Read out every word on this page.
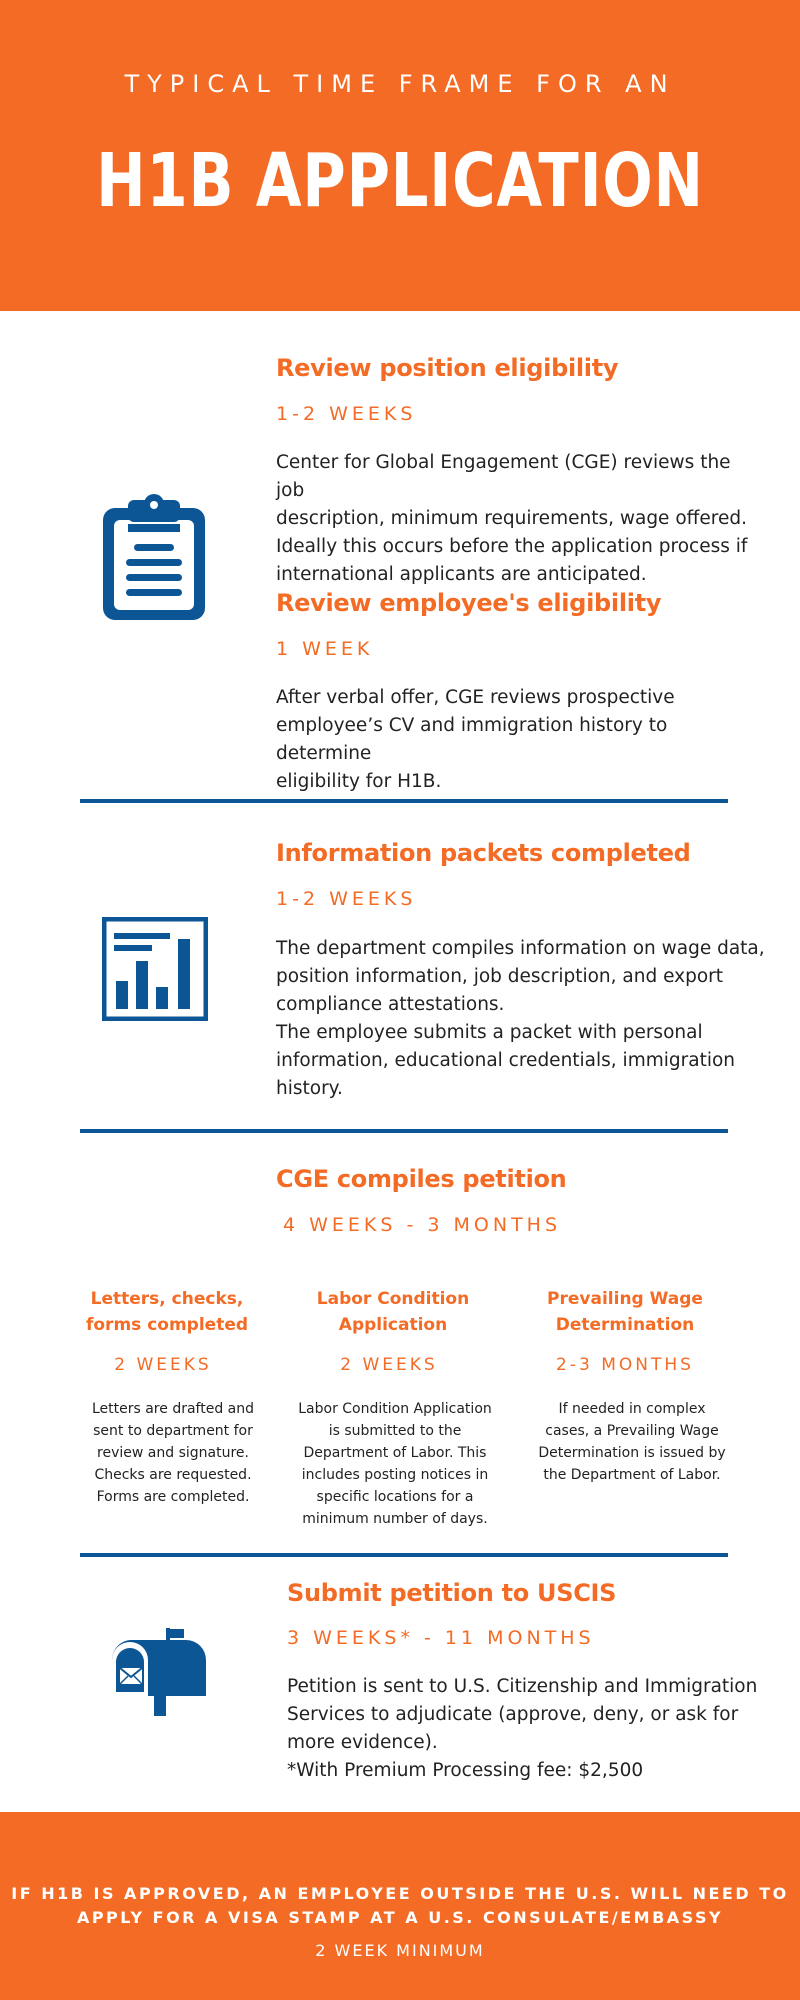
TYPICAL TIME FRAME FOR AN
H1B APPLICATION
Review position eligibility
1-2 WEEKS
Center for Global Engagement (CGE) reviews the job
description, minimum requirements, wage offered.
Ideally this occurs before the application process if
international applicants are anticipated.
Review employee's eligibility
1 WEEK
After verbal offer, CGE reviews prospective
employee’s CV and immigration history to determine
eligibility for H1B.
Information packets completed
1-2 WEEKS
The department compiles information on wage data,
position information, job description, and export
compliance attestations.
The employee submits a packet with personal
information, educational credentials, immigration
history.
CGE compiles petition
4 WEEKS - 3 MONTHS
Letters, checks,
forms completed
2 WEEKS
Letters are drafted and
sent to department for
review and signature.
Checks are requested.
Forms are completed.
Labor Condition
Application
2 WEEKS
Labor Condition Application
is submitted to the
Department of Labor. This
includes posting notices in
specific locations for a
minimum number of days.
Prevailing Wage
Determination
2-3 MONTHS
If needed in complex
cases, a Prevailing Wage
Determination is issued by
the Department of Labor.
Submit petition to USCIS
3 WEEKS* - 11 MONTHS
Petition is sent to U.S. Citizenship and Immigration
Services to adjudicate (approve, deny, or ask for
more evidence).
*With Premium Processing fee: $2,500
IF H1B IS APPROVED, AN EMPLOYEE OUTSIDE THE U.S. WILL NEED TO
APPLY FOR A VISA STAMP AT A U.S. CONSULATE/EMBASSY
2 WEEK MINIMUM
